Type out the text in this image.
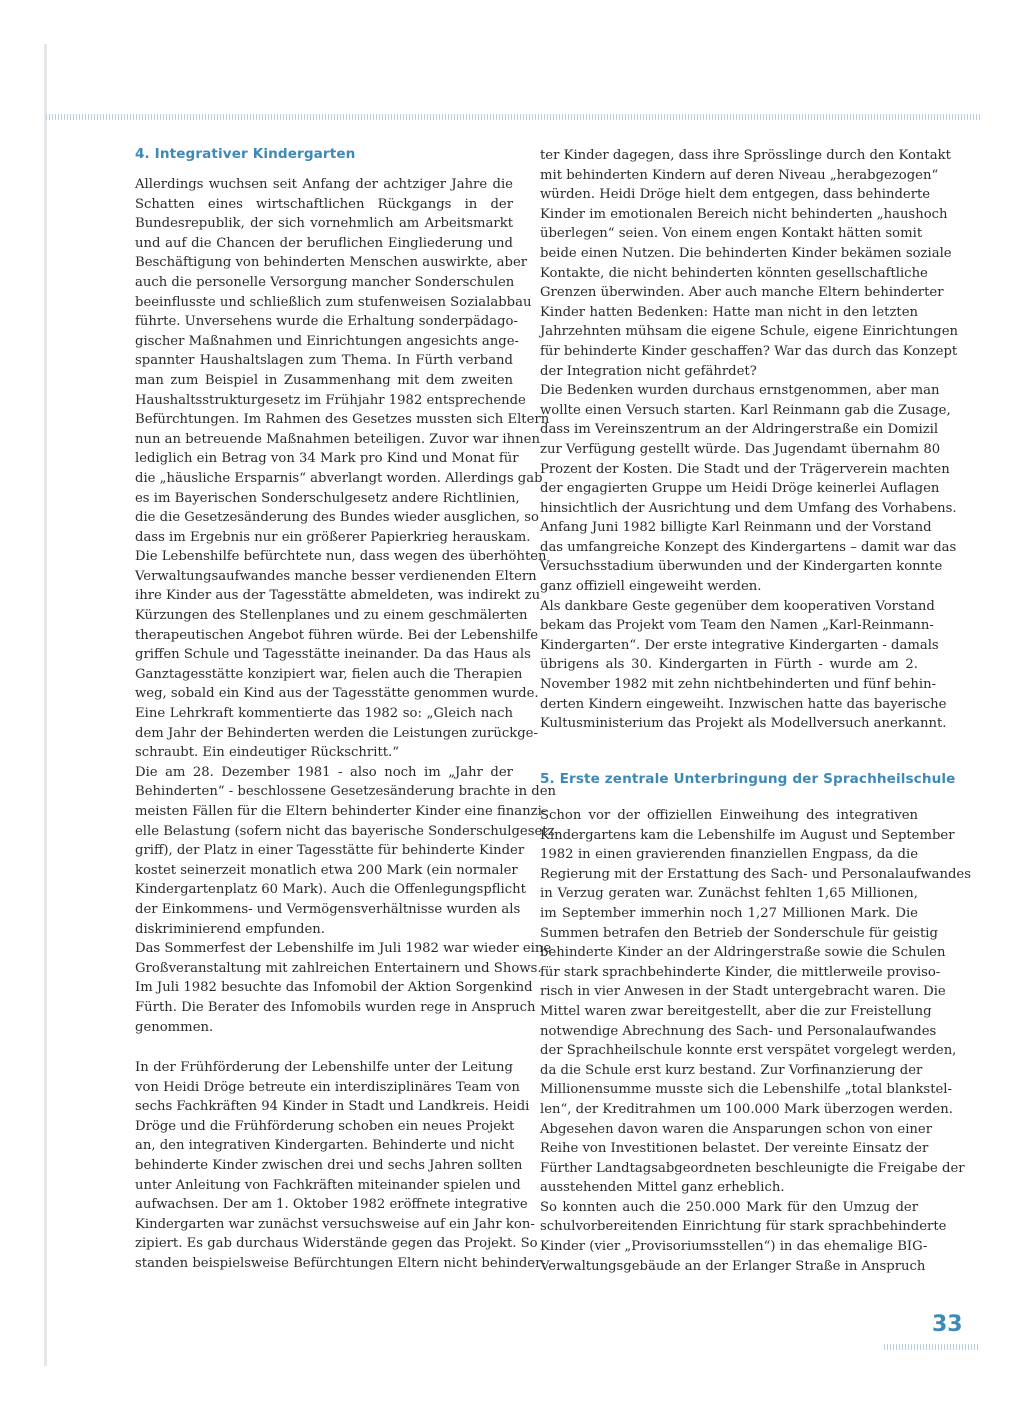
4. Integrativer Kindergarten
Allerdings wuchsen seit Anfang der achtziger Jahre die
Schatten eines wirtschaftlichen Rückgangs in der
Bundesrepublik, der sich vornehmlich am Arbeitsmarkt
und auf die Chancen der beruflichen Eingliederung und
Beschäftigung von behinderten Menschen auswirkte, aber
auch die personelle Versorgung mancher Sonderschulen
beeinflusste und schließlich zum stufenweisen Sozialabbau
führte. Unversehens wurde die Erhaltung sonderpädago-
gischer Maßnahmen und Einrichtungen angesichts ange-
spannter Haushaltslagen zum Thema. In Fürth verband
man zum Beispiel in Zusammenhang mit dem zweiten
Haushaltsstrukturgesetz im Frühjahr 1982 entsprechende
Befürchtungen. Im Rahmen des Gesetzes mussten sich Eltern
nun an betreuende Maßnahmen beteiligen. Zuvor war ihnen
lediglich ein Betrag von 34 Mark pro Kind und Monat für
die „häusliche Ersparnis“ abverlangt worden. Allerdings gab
es im Bayerischen Sonderschulgesetz andere Richtlinien,
die die Gesetzesänderung des Bundes wieder ausglichen, so
dass im Ergebnis nur ein größerer Papierkrieg herauskam.
Die Lebenshilfe befürchtete nun, dass wegen des überhöhten
Verwaltungsaufwandes manche besser verdienenden Eltern
ihre Kinder aus der Tagesstätte abmeldeten, was indirekt zu
Kürzungen des Stellenplanes und zu einem geschmälerten
therapeutischen Angebot führen würde. Bei der Lebenshilfe
griffen Schule und Tagesstätte ineinander. Da das Haus als
Ganztagesstätte konzipiert war, fielen auch die Therapien
weg, sobald ein Kind aus der Tagesstätte genommen wurde.
Eine Lehrkraft kommentierte das 1982 so: „Gleich nach
dem Jahr der Behinderten werden die Leistungen zurückge-
schraubt. Ein eindeutiger Rückschritt.“
Die am 28. Dezember 1981 - also noch im „Jahr der
Behinderten“ - beschlossene Gesetzesänderung brachte in den
meisten Fällen für die Eltern behinderter Kinder eine finanzi-
elle Belastung (sofern nicht das bayerische Sonderschulgesetz
griff), der Platz in einer Tagesstätte für behinderte Kinder
kostet seinerzeit monatlich etwa 200 Mark (ein normaler
Kindergartenplatz 60 Mark). Auch die Offenlegungspflicht
der Einkommens- und Vermögensverhältnisse wurden als
diskriminierend empfunden.
Das Sommerfest der Lebenshilfe im Juli 1982 war wieder eine
Großveranstaltung mit zahlreichen Entertainern und Shows.
Im Juli 1982 besuchte das Infomobil der Aktion Sorgenkind
Fürth. Die Berater des Infomobils wurden rege in Anspruch
genommen.
In der Frühförderung der Lebenshilfe unter der Leitung
von Heidi Dröge betreute ein interdisziplinäres Team von
sechs Fachkräften 94 Kinder in Stadt und Landkreis. Heidi
Dröge und die Frühförderung schoben ein neues Projekt
an, den integrativen Kindergarten. Behinderte und nicht
behinderte Kinder zwischen drei und sechs Jahren sollten
unter Anleitung von Fachkräften miteinander spielen und
aufwachsen. Der am 1. Oktober 1982 eröffnete integrative
Kindergarten war zunächst versuchsweise auf ein Jahr kon-
zipiert. Es gab durchaus Widerstände gegen das Projekt. So
standen beispielsweise Befürchtungen Eltern nicht behinder-
ter Kinder dagegen, dass ihre Sprösslinge durch den Kontakt
mit behinderten Kindern auf deren Niveau „herabgezogen“
würden. Heidi Dröge hielt dem entgegen, dass behinderte
Kinder im emotionalen Bereich nicht behinderten „haushoch
überlegen“ seien. Von einem engen Kontakt hätten somit
beide einen Nutzen. Die behinderten Kinder bekämen soziale
Kontakte, die nicht behinderten könnten gesellschaftliche
Grenzen überwinden. Aber auch manche Eltern behinderter
Kinder hatten Bedenken: Hatte man nicht in den letzten
Jahrzehnten mühsam die eigene Schule, eigene Einrichtungen
für behinderte Kinder geschaffen? War das durch das Konzept
der Integration nicht gefährdet?
Die Bedenken wurden durchaus ernstgenommen, aber man
wollte einen Versuch starten. Karl Reinmann gab die Zusage,
dass im Vereinszentrum an der Aldringerstraße ein Domizil
zur Verfügung gestellt würde. Das Jugendamt übernahm 80
Prozent der Kosten. Die Stadt und der Trägerverein machten
der engagierten Gruppe um Heidi Dröge keinerlei Auflagen
hinsichtlich der Ausrichtung und dem Umfang des Vorhabens.
Anfang Juni 1982 billigte Karl Reinmann und der Vorstand
das umfangreiche Konzept des Kindergartens – damit war das
Versuchsstadium überwunden und der Kindergarten konnte
ganz offiziell eingeweiht werden.
Als dankbare Geste gegenüber dem kooperativen Vorstand
bekam das Projekt vom Team den Namen „Karl-Reinmann-
Kindergarten“. Der erste integrative Kindergarten - damals
übrigens als 30. Kindergarten in Fürth - wurde am 2.
November 1982 mit zehn nichtbehinderten und fünf behin-
derten Kindern eingeweiht. Inzwischen hatte das bayerische
Kultusministerium das Projekt als Modellversuch anerkannt.
5. Erste zentrale Unterbringung der Sprachheilschule
Schon vor der offiziellen Einweihung des integrativen
Kindergartens kam die Lebenshilfe im August und September
1982 in einen gravierenden finanziellen Engpass, da die
Regierung mit der Erstattung des Sach- und Personalaufwandes
in Verzug geraten war. Zunächst fehlten 1,65 Millionen,
im September immerhin noch 1,27 Millionen Mark. Die
Summen betrafen den Betrieb der Sonderschule für geistig
behinderte Kinder an der Aldringerstraße sowie die Schulen
für stark sprachbehinderte Kinder, die mittlerweile proviso-
risch in vier Anwesen in der Stadt untergebracht waren. Die
Mittel waren zwar bereitgestellt, aber die zur Freistellung
notwendige Abrechnung des Sach- und Personalaufwandes
der Sprachheilschule konnte erst verspätet vorgelegt werden,
da die Schule erst kurz bestand. Zur Vorfinanzierung der
Millionensumme musste sich die Lebenshilfe „total blankstel-
len“, der Kreditrahmen um 100.000 Mark überzogen werden.
Abgesehen davon waren die Ansparungen schon von einer
Reihe von Investitionen belastet. Der vereinte Einsatz der
Fürther Landtagsabgeordneten beschleunigte die Freigabe der
ausstehenden Mittel ganz erheblich.
So konnten auch die 250.000 Mark für den Umzug der
schulvorbereitenden Einrichtung für stark sprachbehinderte
Kinder (vier „Provisoriumsstellen“) in das ehemalige BIG-
Verwaltungsgebäude an der Erlanger Straße in Anspruch
33
